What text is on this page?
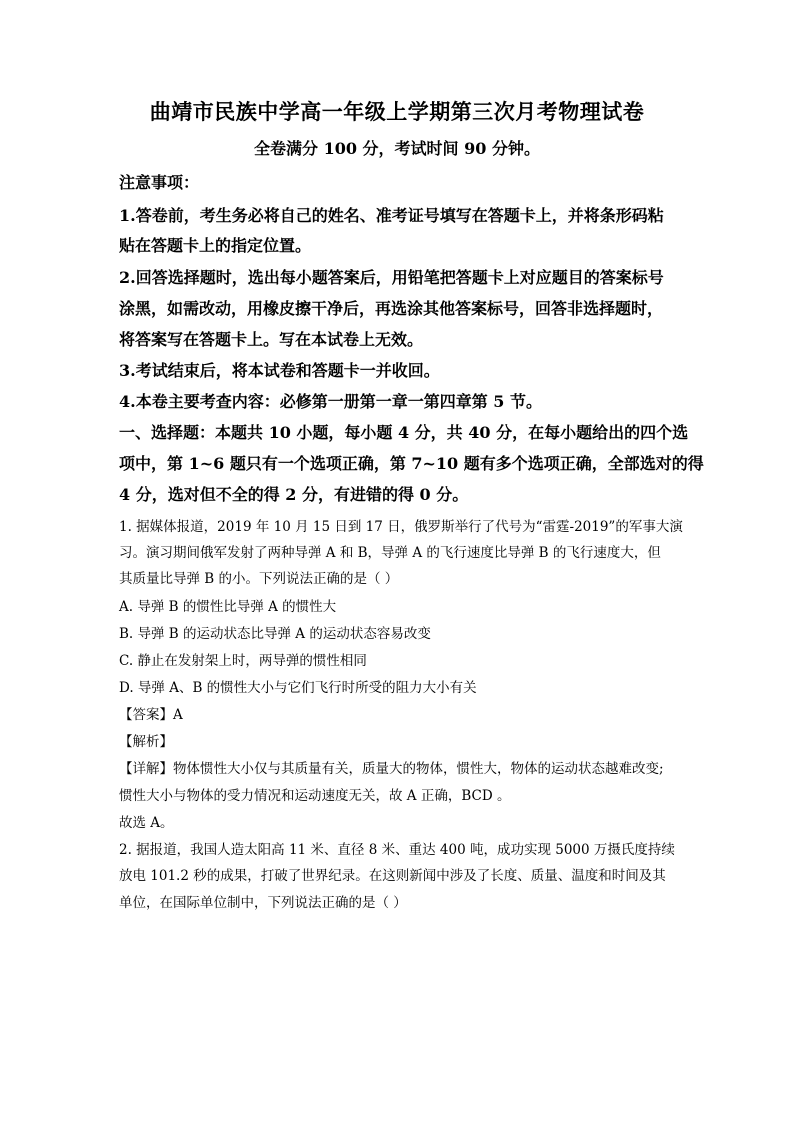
曲靖市民族中学高一年级上学期第三次月考物理试卷
全卷满分 100 分，考试时间 90 分钟。
注意事项：
1.答卷前，考生务必将自己的姓名、准考证号填写在答题卡上，并将条形码粘
贴在答题卡上的指定位置。
2.回答选择题时，选出每小题答案后，用铅笔把答题卡上对应题目的答案标号
涂黑，如需改动，用橡皮擦干净后，再选涂其他答案标号，回答非选择题时，
将答案写在答题卡上。写在本试卷上无效。
3.考试结束后，将本试卷和答题卡一并收回。
4.本卷主要考查内容：必修第一册第一章一第四章第 5 节。
一、选择题：本题共 10 小题，每小题 4 分，共 40 分，在每小题给出的四个选
项中，第 1~6 题只有一个选项正确，第 7~10 题有多个选项正确，全部选对的得
4 分，选对但不全的得 2 分，有进错的得 0 分。
1. 据媒体报道，2019 年 10 月 15 日到 17 日，俄罗斯举行了代号为“雷霆-2019”的军事大演
习。演习期间俄军发射了两种导弹 A 和 B，导弹 A 的飞行速度比导弹 B 的飞行速度大，但
其质量比导弹 B 的小。下列说法正确的是（ ）
A. 导弹 B 的惯性比导弹 A 的惯性大
B. 导弹 B 的运动状态比导弹 A 的运动状态容易改变
C. 静止在发射架上时，两导弹的惯性相同
D. 导弹 A、B 的惯性大小与它们飞行时所受的阻力大小有关
【答案】A
【解析】
【详解】物体惯性大小仅与其质量有关，质量大的物体，惯性大，物体的运动状态越难改变;
惯性大小与物体的受力情况和运动速度无关，故 A 正确，BCD 。
故选 A。
2. 据报道，我国人造太阳高 11 米、直径 8 米、重达 400 吨，成功实现 5000 万摄氏度持续
放电 101.2 秒的成果，打破了世界纪录。在这则新闻中涉及了长度、质量、温度和时间及其
单位，在国际单位制中，下列说法正确的是（ ）
